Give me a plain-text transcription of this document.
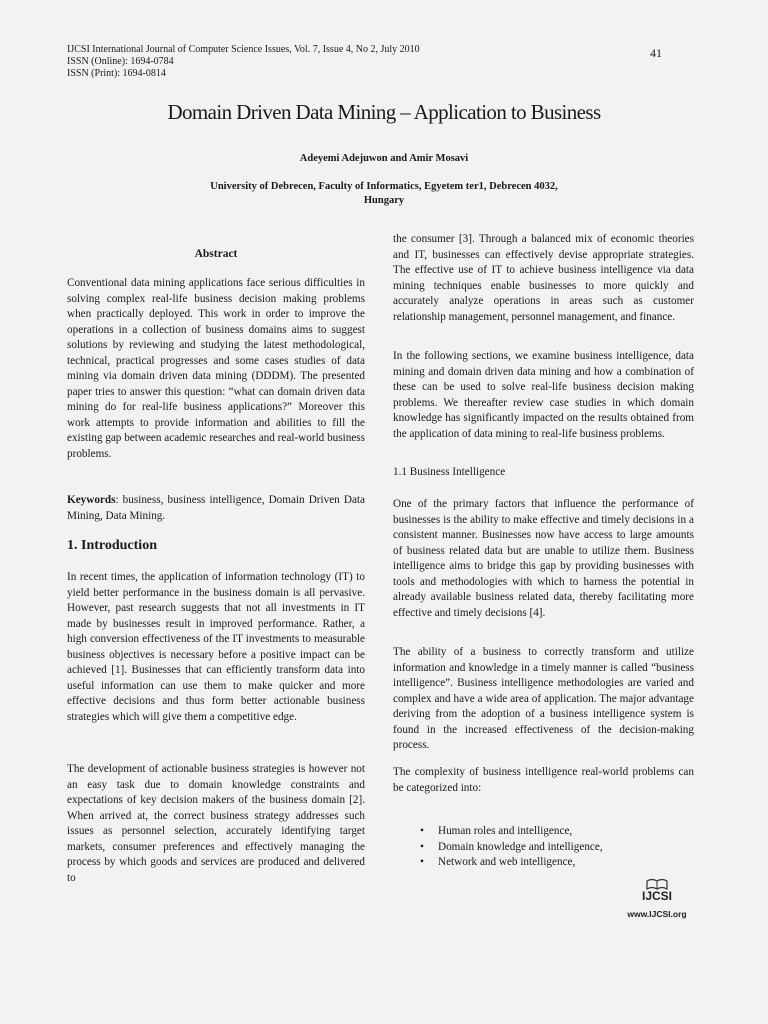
IJCSI International Journal of Computer Science Issues, Vol. 7, Issue 4, No 2, July 2010
ISSN (Online): 1694-0784
ISSN (Print): 1694-0814
41
Domain Driven Data Mining – Application to Business
Adeyemi Adejuwon and Amir Mosavi
University of Debrecen, Faculty of Informatics, Egyetem ter1, Debrecen 4032,
Hungary
Abstract

Conventional data mining applications face serious difficulties in solving complex real-life business decision making problems when practically deployed. This work in order to improve the operations in a collection of business domains aims to suggest solutions by reviewing and studying the latest methodological, technical, practical progresses and some cases studies of data mining via domain driven data mining (DDDM). The presented paper tries to answer this question: “what can domain driven data mining do for real-life business applications?” Moreover this work attempts to provide information and abilities to fill the existing gap between academic researches and real-world business problems.

Keywords: business, business intelligence, Domain Driven Data Mining, Data Mining.

1. Introduction

In recent times, the application of information technology (IT) to yield better performance in the business domain is all pervasive. However, past research suggests that not all investments in IT made by businesses result in improved performance. Rather, a high conversion effectiveness of the IT investments to measurable business objectives is necessary before a positive impact can be achieved [1]. Businesses that can efficiently transform data into useful information can use them to make quicker and more effective decisions and thus form better actionable business strategies which will give them a competitive edge.

The development of actionable business strategies is however not an easy task due to domain knowledge constraints and expectations of key decision makers of the business domain [2]. When arrived at, the correct business strategy addresses such issues as personnel selection, accurately identifying target markets, consumer preferences and effectively managing the process by which goods and services are produced and delivered to

the consumer [3]. Through a balanced mix of economic theories and IT, businesses can effectively devise appropriate strategies. The effective use of IT to achieve business intelligence via data mining techniques enable businesses to more quickly and accurately analyze operations in areas such as customer relationship management, personnel management, and finance.

In the following sections, we examine business intelligence, data mining and domain driven data mining and how a combination of these can be used to solve real-life business decision making problems. We thereafter review case studies in which domain knowledge has significantly impacted on the results obtained from the application of data mining to real-life business problems.

1.1 Business Intelligence

One of the primary factors that influence the performance of businesses is the ability to make effective and timely decisions in a consistent manner. Businesses now have access to large amounts of business related data but are unable to utilize them. Business intelligence aims to bridge this gap by providing businesses with tools and methodologies with which to harness the potential in already available business related data, thereby facilitating more effective and timely decisions [4].

The ability of a business to correctly transform and utilize information and knowledge in a timely manner is called “business intelligence”. Business intelligence methodologies are varied and complex and have a wide area of application. The major advantage deriving from the adoption of a business intelligence system is found in the increased effectiveness of the decision-making process.

The complexity of business intelligence real-world problems can be categorized into:

• Human roles and intelligence,
• Domain knowledge and intelligence,
• Network and web intelligence,
IJCSI
www.IJCSI.org
